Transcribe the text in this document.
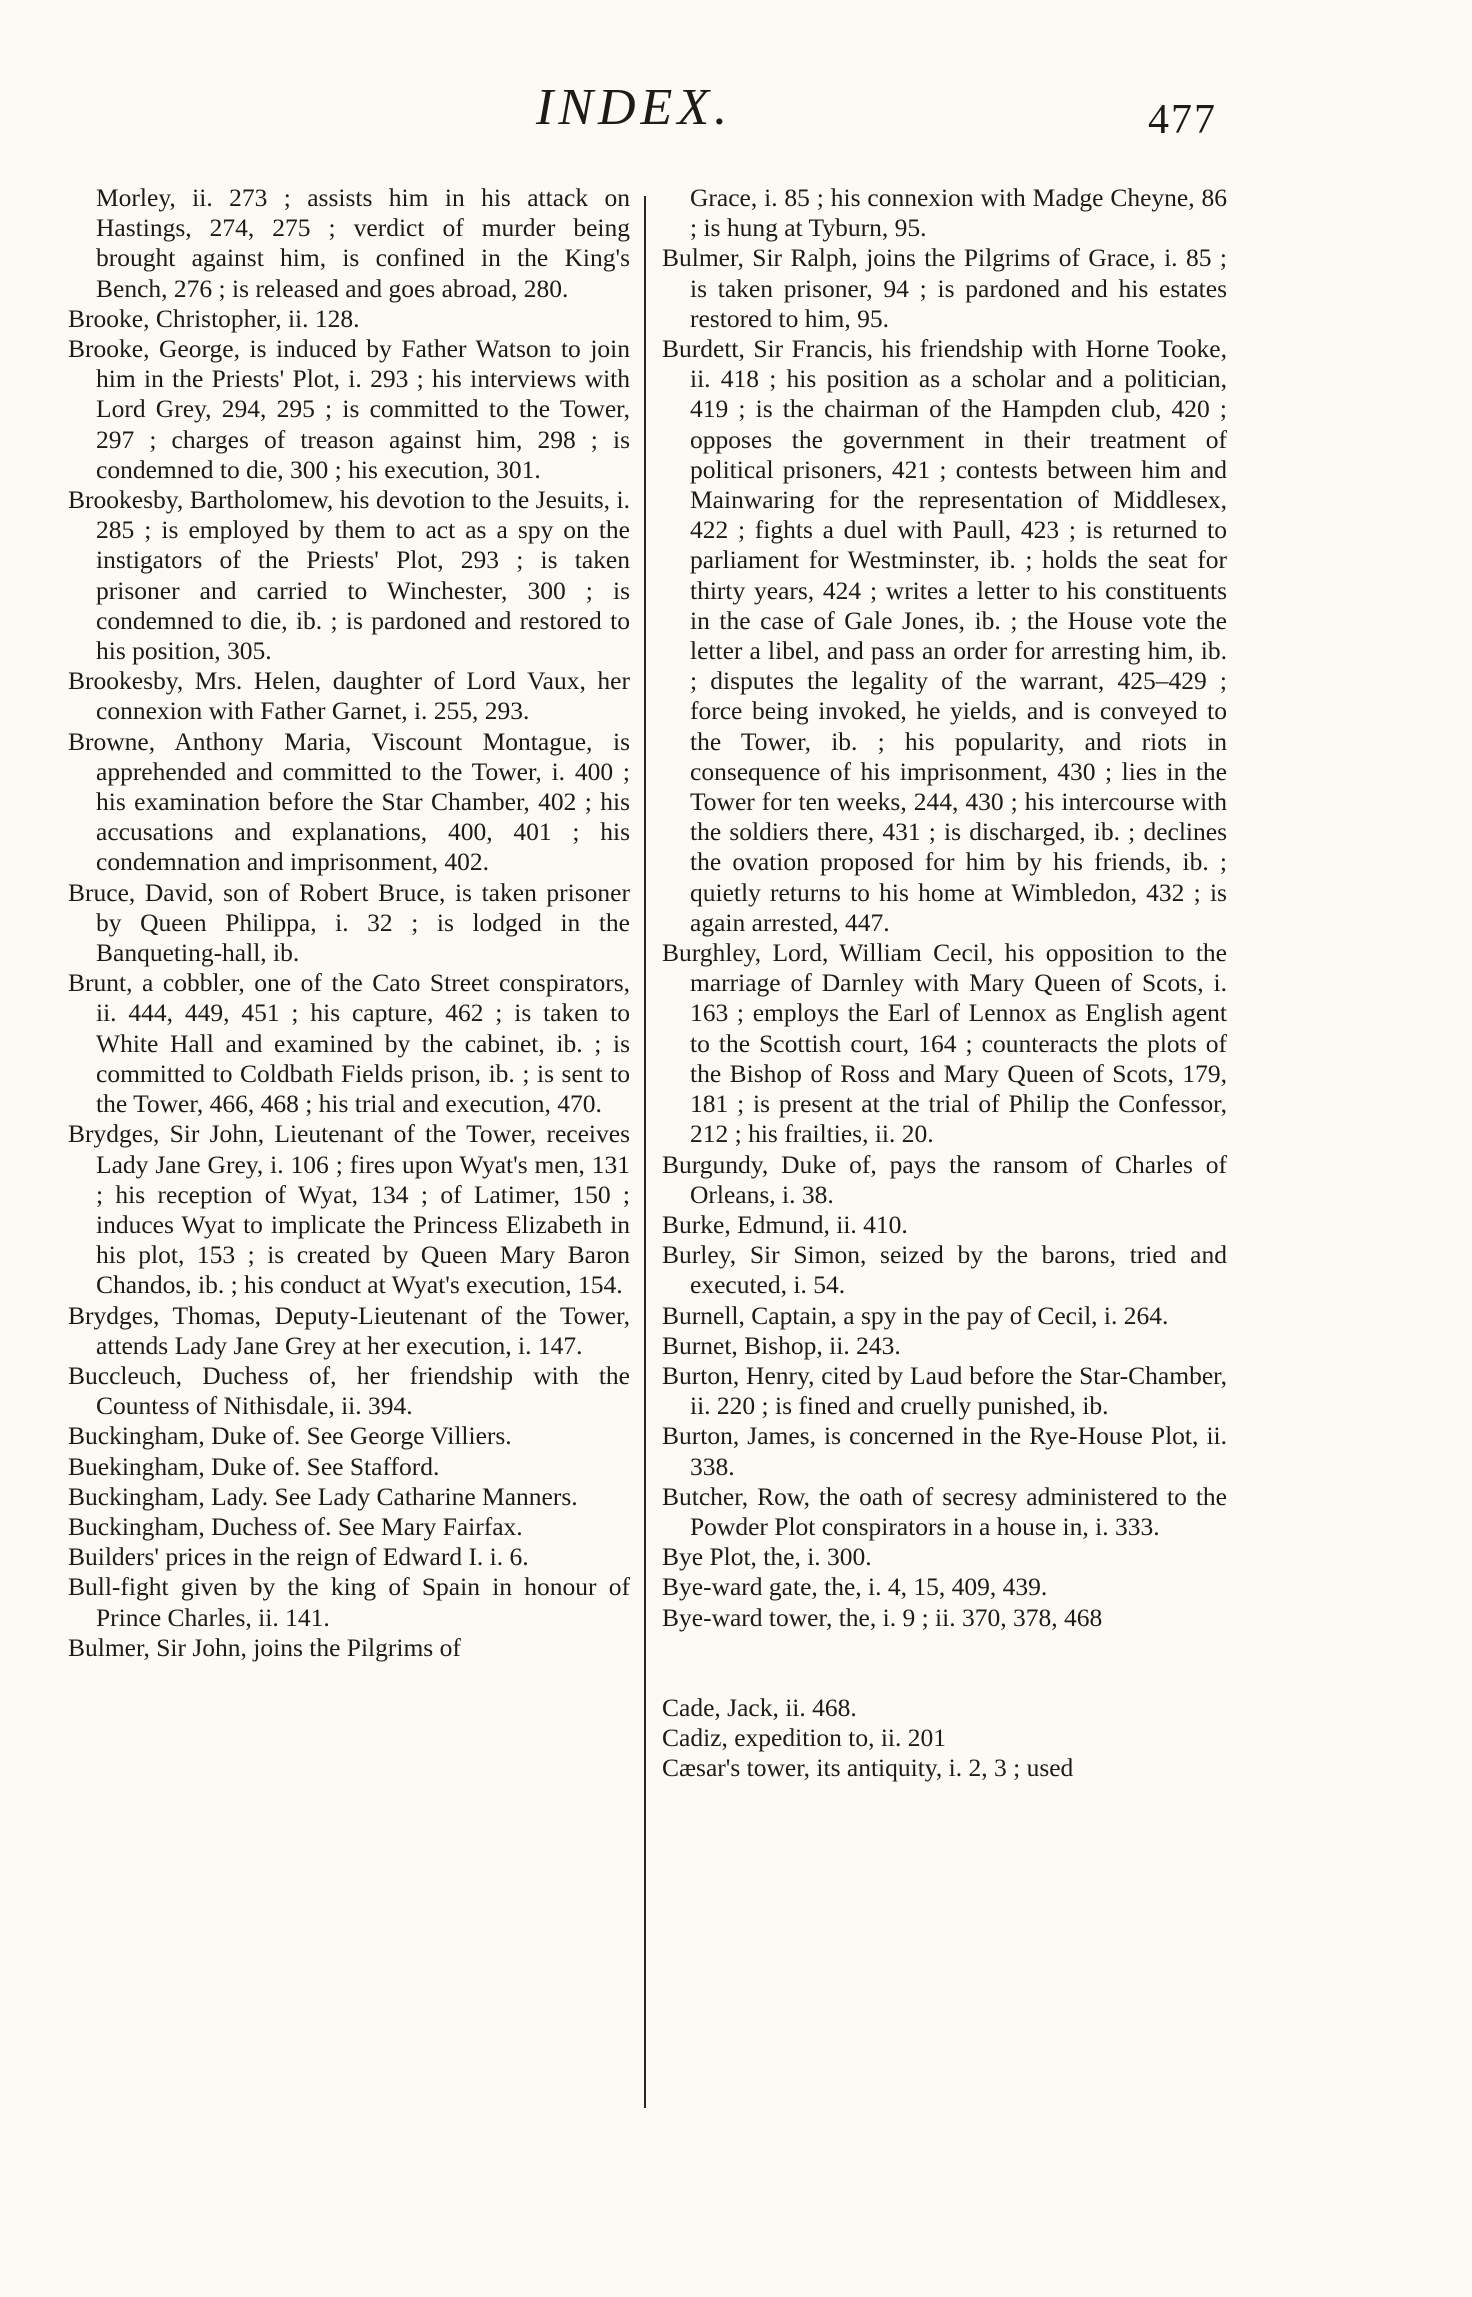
INDEX.	477

Morley, ii. 273 ; assists him in his attack on Hastings, 274, 275 ; verdict of murder being brought against him, is confined in the King's Bench, 276 ; is released and goes abroad, 280.

Brooke, Christopher, ii. 128.

Brooke, George, is induced by Father Watson to join him in the Priests' Plot, i. 293 ; his interviews with Lord Grey, 294, 295 ; is committed to the Tower, 297 ; charges of treason against him, 298 ; is condemned to die, 300 ; his execution, 301.

Brookesby, Bartholomew, his devotion to the Jesuits, i. 285 ; is employed by them to act as a spy on the instigators of the Priests' Plot, 293 ; is taken prisoner and carried to Winchester, 300 ; is condemned to die, ib. ; is pardoned and restored to his position, 305.

Brookesby, Mrs. Helen, daughter of Lord Vaux, her connexion with Father Garnet, i. 255, 293.

Browne, Anthony Maria, Viscount Montague, is apprehended and committed to the Tower, i. 400 ; his examination before the Star Chamber, 402 ; his accusations and explanations, 400, 401 ; his condemnation and imprisonment, 402.

Bruce, David, son of Robert Bruce, is taken prisoner by Queen Philippa, i. 32 ; is lodged in the Banqueting-hall, ib.

Brunt, a cobbler, one of the Cato Street conspirators, ii. 444, 449, 451 ; his capture, 462 ; is taken to White Hall and examined by the cabinet, ib. ; is committed to Coldbath Fields prison, ib. ; is sent to the Tower, 466, 468 ; his trial and execution, 470.

Brydges, Sir John, Lieutenant of the Tower, receives Lady Jane Grey, i. 106 ; fires upon Wyat's men, 131 ; his reception of Wyat, 134 ; of Latimer, 150 ; induces Wyat to implicate the Princess Elizabeth in his plot, 153 ; is created by Queen Mary Baron Chandos, ib. ; his conduct at Wyat's execution, 154.

Brydges, Thomas, Deputy-Lieutenant of the Tower, attends Lady Jane Grey at her execution, i. 147.

Buccleuch, Duchess of, her friendship with the Countess of Nithisdale, ii. 394.

Buckingham, Duke of. See George Villiers.

Buekingham, Duke of. See Stafford.

Buckingham, Lady. See Lady Catharine Manners.

Buckingham, Duchess of. See Mary Fairfax.

Builders' prices in the reign of Edward I. i. 6.

Bull-fight given by the king of Spain in honour of Prince Charles, ii. 141.

Bulmer, Sir John, joins the Pilgrims of

Grace, i. 85 ; his connexion with Madge Cheyne, 86 ; is hung at Tyburn, 95.

Bulmer, Sir Ralph, joins the Pilgrims of Grace, i. 85 ; is taken prisoner, 94 ; is pardoned and his estates restored to him, 95.

Burdett, Sir Francis, his friendship with Horne Tooke, ii. 418 ; his position as a scholar and a politician, 419 ; is the chairman of the Hampden club, 420 ; opposes the government in their treatment of political prisoners, 421 ; contests between him and Mainwaring for the representation of Middlesex, 422 ; fights a duel with Paull, 423 ; is returned to parliament for Westminster, ib. ; holds the seat for thirty years, 424 ; writes a letter to his constituents in the case of Gale Jones, ib. ; the House vote the letter a libel, and pass an order for arresting him, ib. ; disputes the legality of the warrant, 425–429 ; force being invoked, he yields, and is conveyed to the Tower, ib. ; his popularity, and riots in consequence of his imprisonment, 430 ; lies in the Tower for ten weeks, 244, 430 ; his intercourse with the soldiers there, 431 ; is discharged, ib. ; declines the ovation proposed for him by his friends, ib. ; quietly returns to his home at Wimbledon, 432 ; is again arrested, 447.

Burghley, Lord, William Cecil, his opposition to the marriage of Darnley with Mary Queen of Scots, i. 163 ; employs the Earl of Lennox as English agent to the Scottish court, 164 ; counteracts the plots of the Bishop of Ross and Mary Queen of Scots, 179, 181 ; is present at the trial of Philip the Confessor, 212 ; his frailties, ii. 20.

Burgundy, Duke of, pays the ransom of Charles of Orleans, i. 38.

Burke, Edmund, ii. 410.

Burley, Sir Simon, seized by the barons, tried and executed, i. 54.

Burnell, Captain, a spy in the pay of Cecil, i. 264.

Burnet, Bishop, ii. 243.

Burton, Henry, cited by Laud before the Star-Chamber, ii. 220 ; is fined and cruelly punished, ib.

Burton, James, is concerned in the Rye-House Plot, ii. 338.

Butcher, Row, the oath of secresy administered to the Powder Plot conspirators in a house in, i. 333.

Bye Plot, the, i. 300.

Bye-ward gate, the, i. 4, 15, 409, 439.

Bye-ward tower, the, i. 9 ; ii. 370, 378, 468

Cade, Jack, ii. 468.

Cadiz, expedition to, ii. 201

Cæsar's tower, its antiquity, i. 2, 3 ; used
